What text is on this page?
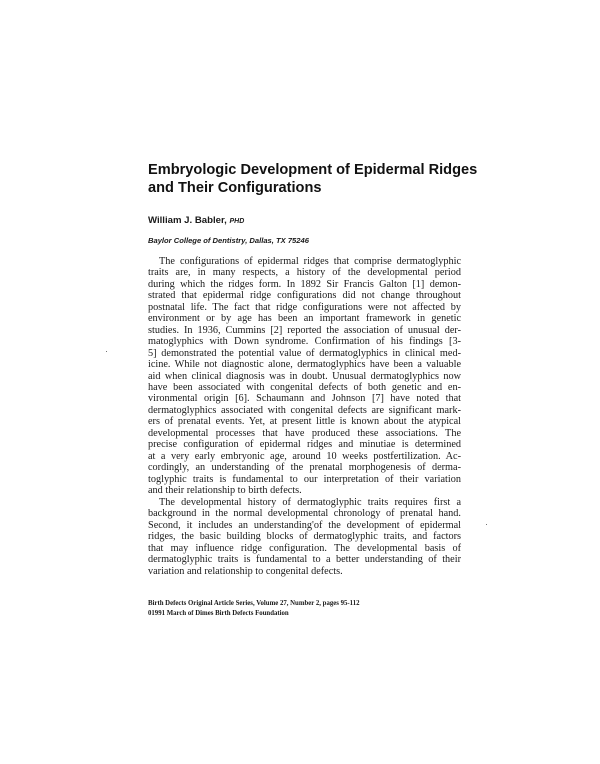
Embryologic Development of Epidermal Ridges
and Their Configurations
William J. Babler, PHD
Baylor College of Dentistry, Dallas, TX 75246
The configurations of epidermal ridges that comprise dermatoglyphic
traits are, in many respects, a history of the developmental period
during which the ridges form. In 1892 Sir Francis Galton [1] demon-
strated that epidermal ridge configurations did not change throughout
postnatal life. The fact that ridge configurations were not affected by
environment or by age has been an important framework in genetic
studies. In 1936, Cummins [2] reported the association of unusual der-
matoglyphics with Down syndrome. Confirmation of his findings [3-
5] demonstrated the potential value of dermatoglyphics in clinical med-
icine. While not diagnostic alone, dermatoglyphics have been a valuable
aid when clinical diagnosis was in doubt. Unusual dermatoglyphics now
have been associated with congenital defects of both genetic and en-
vironmental origin [6]. Schaumann and Johnson [7] have noted that
dermatoglyphics associated with congenital defects are significant mark-
ers of prenatal events. Yet, at present little is known about the atypical
developmental processes that have produced these associations. The
precise configuration of epidermal ridges and minutiae is determined
at a very early embryonic age, around 10 weeks postfertilization. Ac-
cordingly, an understanding of the prenatal morphogenesis of derma-
toglyphic traits is fundamental to our interpretation of their variation
and their relationship to birth defects.
The developmental history of dermatoglyphic traits requires first a
background in the normal developmental chronology of prenatal hand.
Second, it includes an understanding'of the development of epidermal
ridges, the basic building blocks of dermatoglyphic traits, and factors
that may influence ridge configuration. The developmental basis of
dermatoglyphic traits is fundamental to a better understanding of their
variation and relationship to congenital defects.
Birth Defects Original Article Series, Volume 27, Number 2, pages 95-112
01991 March of Dimes Birth Defects Foundation
